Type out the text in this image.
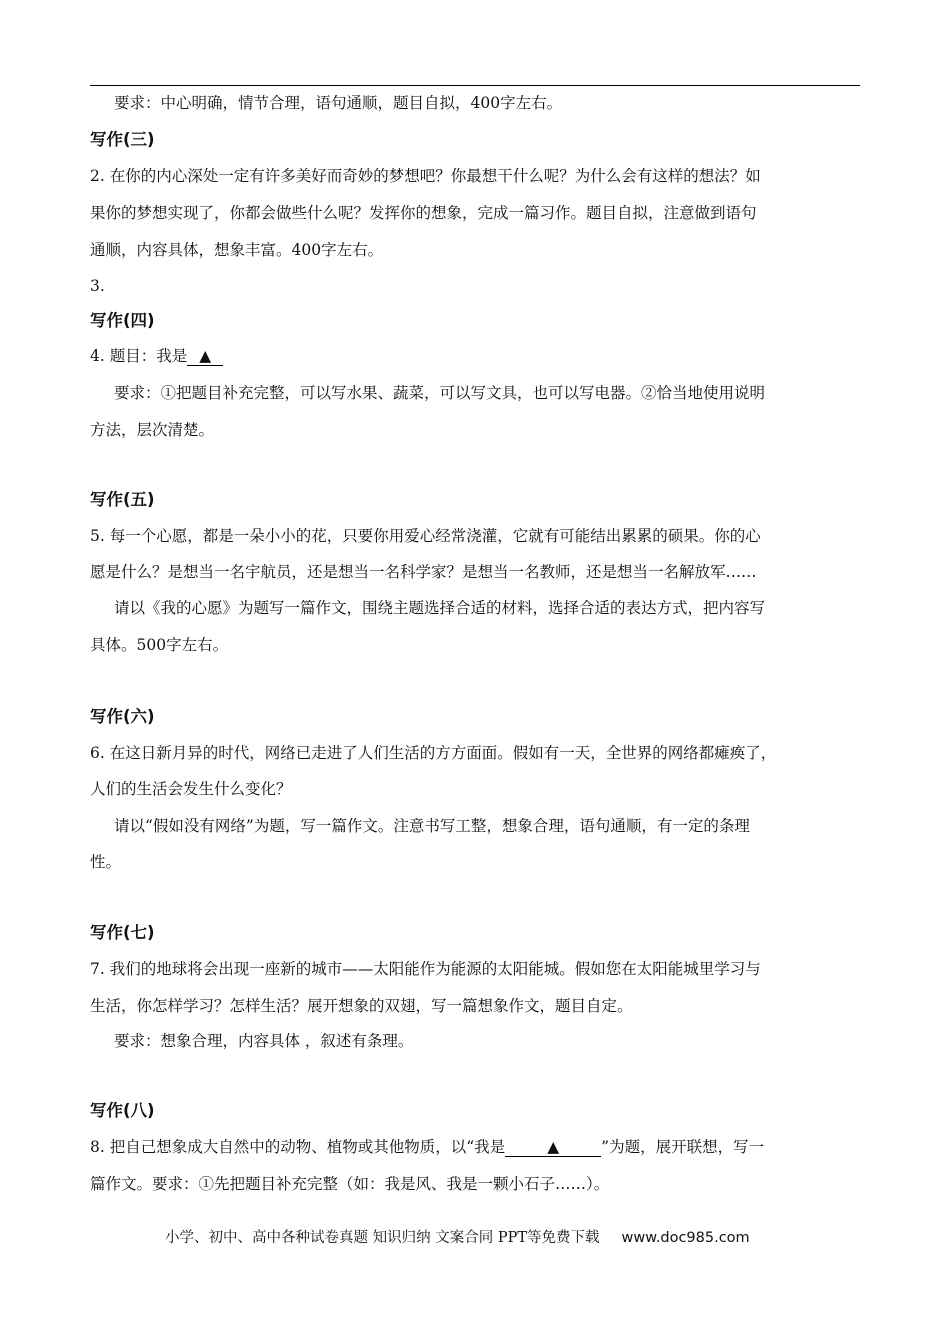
要求：中心明确，情节合理，语句通顺，题目自拟，400字左右。
写作(三)
2. 在你的内心深处一定有许多美好而奇妙的梦想吧？你最想干什么呢？为什么会有这样的想法？如
果你的梦想实现了，你都会做些什么呢？发挥你的想象，完成一篇习作。题目自拟，注意做到语句
通顺，内容具体，想象丰富。400字左右。
3.
写作(四)
4. 题目：我是 ▲
要求：①把题目补充完整，可以写水果、蔬菜，可以写文具，也可以写电器。②恰当地使用说明
方法，层次清楚。
写作(五)
5. 每一个心愿，都是一朵小小的花，只要你用爱心经常浇灌，它就有可能结出累累的硕果。你的心
愿是什么？是想当一名宇航员，还是想当一名科学家？是想当一名教师，还是想当一名解放军……
请以《我的心愿》为题写一篇作文，围绕主题选择合适的材料，选择合适的表达方式，把内容写
具体。500字左右。
写作(六)
6. 在这日新月异的时代，网络已走进了人们生活的方方面面。假如有一天，全世界的网络都瘫痪了，
人们的生活会发生什么变化？
请以“假如没有网络”为题，写一篇作文。注意书写工整，想象合理，语句通顺，有一定的条理
性。
写作(七)
7. 我们的地球将会出现一座新的城市——太阳能作为能源的太阳能城。假如您在太阳能城里学习与
生活，你怎样学习？怎样生活？展开想象的双翅，写一篇想象作文，题目自定。
要求：想象合理，内容具体 ，叙述有条理。
写作(八)
8. 把自己想象成大自然中的动物、植物或其他物质，以“我是	▲	”为题，展开联想，写一
篇作文。要求：①先把题目补充完整（如：我是风、我是一颗小石子……）。
小学、初中、高中各种试卷真题 知识归纳 文案合同 PPT等免费下载 www.doc985.com
